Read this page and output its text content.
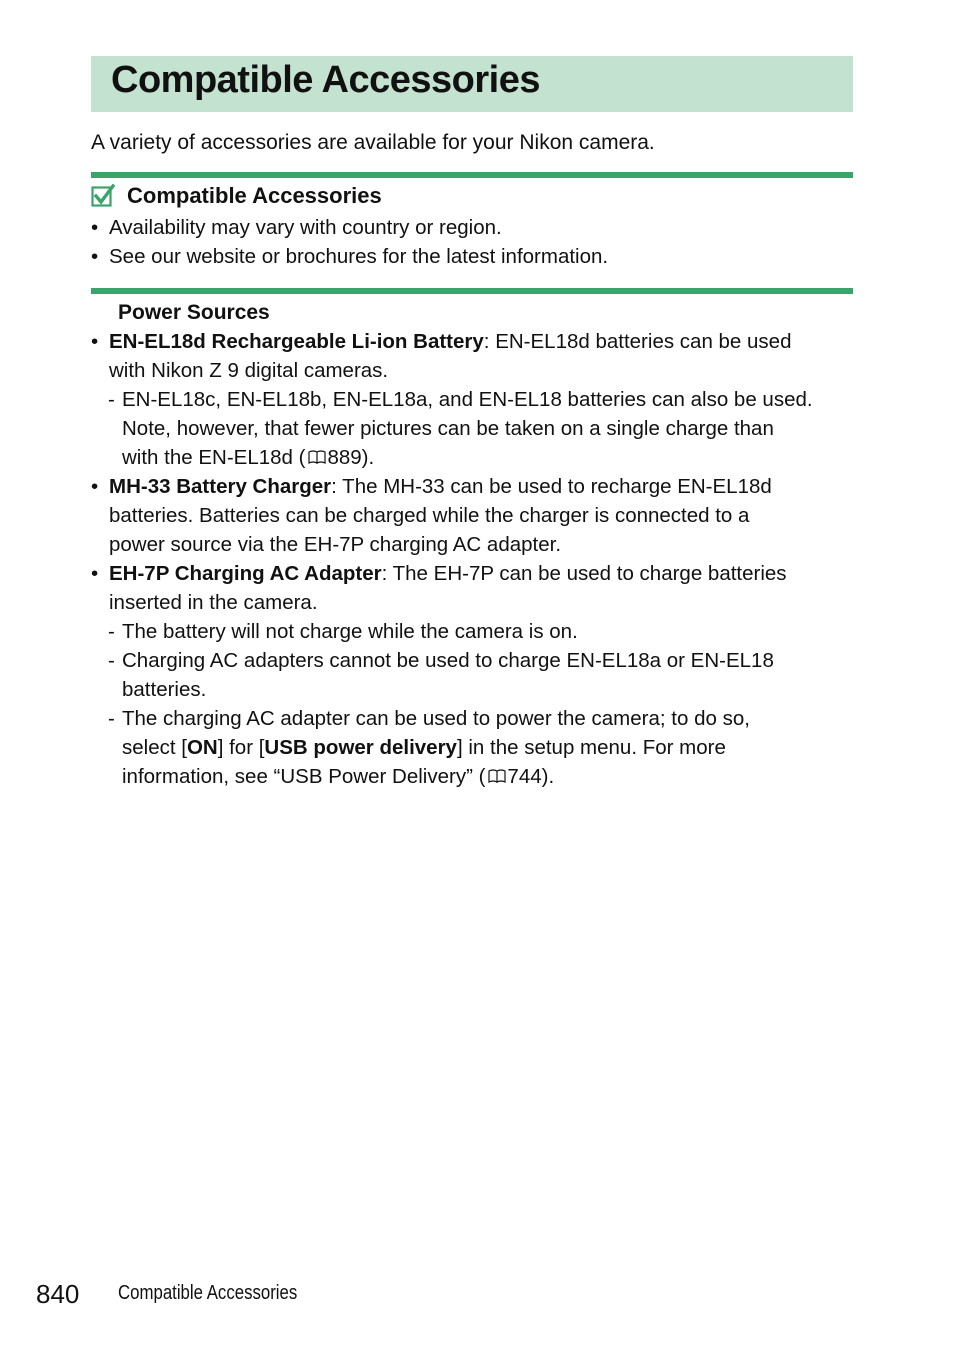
Compatible Accessories
A variety of accessories are available for your Nikon camera.
Compatible Accessories
• Availability may vary with country or region.
• See our website or brochures for the latest information.
Power Sources
• EN-EL18d Rechargeable Li-ion Battery: EN-EL18d batteries can be used
with Nikon Z 9 digital cameras.
- EN-EL18c, EN-EL18b, EN-EL18a, and EN-EL18 batteries can also be used.
Note, however, that fewer pictures can be taken on a single charge than
with the EN-EL18d ( 889).
• MH-33 Battery Charger: The MH-33 can be used to recharge EN-EL18d
batteries. Batteries can be charged while the charger is connected to a
power source via the EH-7P charging AC adapter.
• EH-7P Charging AC Adapter: The EH-7P can be used to charge batteries
inserted in the camera.
- The battery will not charge while the camera is on.
- Charging AC adapters cannot be used to charge EN-EL18a or EN-EL18
batteries.
- The charging AC adapter can be used to power the camera; to do so,
select [ON] for [USB power delivery] in the setup menu. For more
information, see “USB Power Delivery” ( 744).
840 Compatible Accessories
